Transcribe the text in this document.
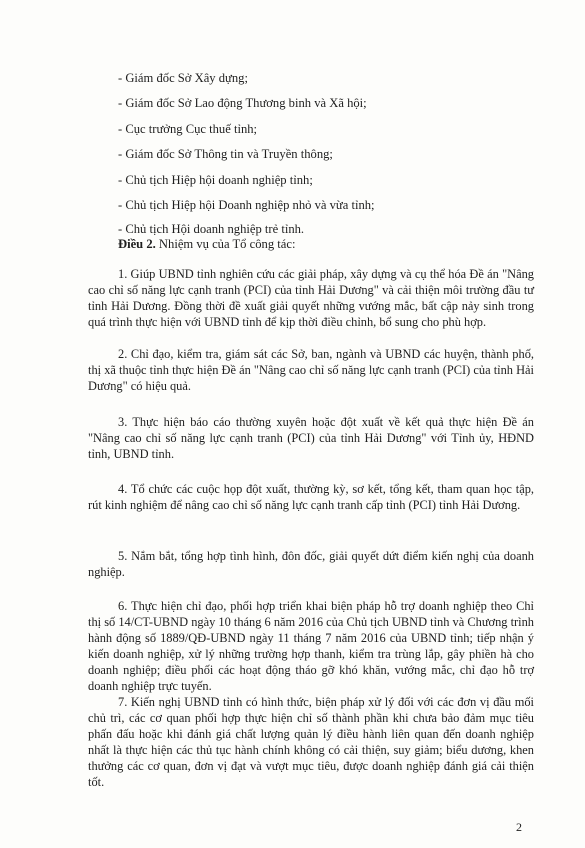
- Giám đốc Sở Xây dựng;
- Giám đốc Sở Lao động Thương binh và Xã hội;
- Cục trưởng Cục thuế tỉnh;
- Giám đốc Sở Thông tin và Truyền thông;
- Chủ tịch Hiệp hội doanh nghiệp tỉnh;
- Chủ tịch Hiệp hội Doanh nghiệp nhỏ và vừa tỉnh;
- Chủ tịch Hội doanh nghiệp trẻ tỉnh.
Điều 2. Nhiệm vụ của Tổ công tác:
1. Giúp UBND tỉnh nghiên cứu các giải pháp, xây dựng và cụ thể hóa Đề án "Nâng cao chỉ số năng lực cạnh tranh (PCI) của tỉnh Hải Dương" và cải thiện môi trường đầu tư tỉnh Hải Dương. Đồng thời đề xuất giải quyết những vướng mắc, bất cập nảy sinh trong quá trình thực hiện với UBND tỉnh để kịp thời điều chỉnh, bổ sung cho phù hợp.
2. Chỉ đạo, kiểm tra, giám sát các Sở, ban, ngành và UBND các huyện, thành phố, thị xã thuộc tỉnh thực hiện Đề án "Nâng cao chỉ số năng lực cạnh tranh (PCI) của tỉnh Hải Dương" có hiệu quả.
3. Thực hiện báo cáo thường xuyên hoặc đột xuất về kết quả thực hiện Đề án "Nâng cao chỉ số năng lực cạnh tranh (PCI) của tỉnh Hải Dương" với Tỉnh ủy, HĐND tỉnh, UBND tỉnh.
4. Tổ chức các cuộc họp đột xuất, thường kỳ, sơ kết, tổng kết, tham quan học tập, rút kinh nghiệm để nâng cao chỉ số năng lực cạnh tranh cấp tỉnh (PCI) tỉnh Hải Dương.
5. Nắm bắt, tổng hợp tình hình, đôn đốc, giải quyết dứt điểm kiến nghị của doanh nghiệp.
6. Thực hiện chỉ đạo, phối hợp triển khai biện pháp hỗ trợ doanh nghiệp theo Chỉ thị số 14/CT-UBND ngày 10 tháng 6 năm 2016 của Chủ tịch UBND tỉnh và Chương trình hành động số 1889/QĐ-UBND ngày 11 tháng 7 năm 2016 của UBND tỉnh; tiếp nhận ý kiến doanh nghiệp, xử lý những trường hợp thanh, kiểm tra trùng lắp, gây phiền hà cho doanh nghiệp; điều phối các hoạt động tháo gỡ khó khăn, vướng mắc, chỉ đạo hỗ trợ doanh nghiệp trực tuyến.
7. Kiến nghị UBND tỉnh có hình thức, biện pháp xử lý đối với các đơn vị đầu mối chủ trì, các cơ quan phối hợp thực hiện chỉ số thành phần khi chưa bảo đảm mục tiêu phấn đấu hoặc khi đánh giá chất lượng quản lý điều hành liên quan đến doanh nghiệp nhất là thực hiện các thủ tục hành chính không có cải thiện, suy giảm; biểu dương, khen thưởng các cơ quan, đơn vị đạt và vượt mục tiêu, được doanh nghiệp đánh giá cải thiện tốt.
2
